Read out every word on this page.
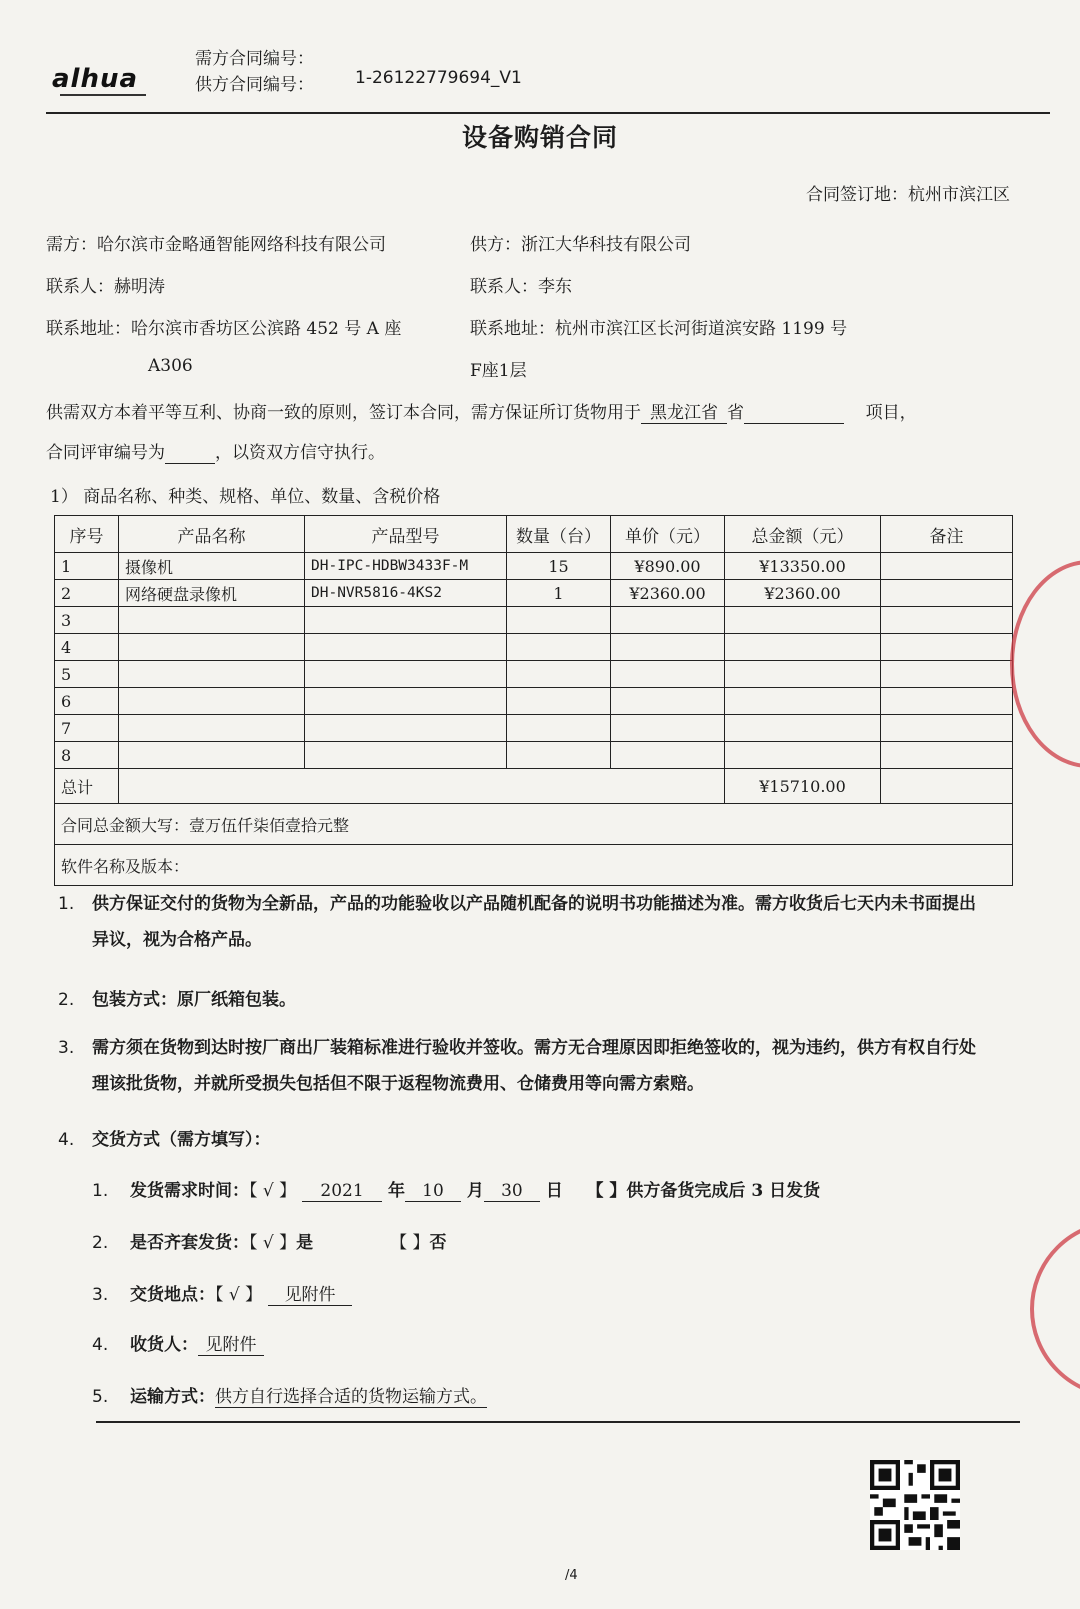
alhua
需方合同编号：
供方合同编号： 1-26122779694_V1
设备购销合同
合同签订地：杭州市滨江区
需方：哈尔滨市金略通智能网络科技有限公司	供方：浙江大华科技有限公司
联系人：赫明涛	联系人：李东
联系地址：哈尔滨市香坊区公滨路 452 号 A 座	联系地址：杭州市滨江区长河街道滨安路 1199 号
A306	F座1层
供需双方本着平等互利、协商一致的原则，签订本合同，需方保证所订货物用于 黑龙江省 省	项目，
合同评审编号为	，以资双方信守执行。
1） 商品名称、种类、规格、单位、数量、含税价格
序号	产品名称	产品型号	数量（台）	单价（元）	总金额（元）	备注
1	摄像机	DH-IPC-HDBW3433F-M	15	¥890.00	¥13350.00	
2	网络硬盘录像机	DH-NVR5816-4KS2	1	¥2360.00	¥2360.00	
3						
4						
5						
6						
7						
8						
总计					¥15710.00	
合同总金额大写：壹万伍仟柒佰壹拾元整						
软件名称及版本：						
1. 供方保证交付的货物为全新品，产品的功能验收以产品随机配备的说明书功能描述为准。需方收货后七天内未书面提出异议，视为合格产品。
2. 包装方式：原厂纸箱包装。
3. 需方须在货物到达时按厂商出厂装箱标准进行验收并签收。需方无合理原因即拒绝签收的，视为违约，供方有权自行处理该批货物，并就所受损失包括但不限于返程物流费用、仓储费用等向需方索赔。
4. 交货方式（需方填写）：
1. 发货需求时间：【 √ 】 2021 年 10 月 30 日 【 】供方备货完成后 3 日发货
2. 是否齐套发货：【 √ 】是	【 】否
3. 交货地点：【 √ 】 见附件
4. 收货人： 见附件
5. 运输方式：供方自行选择合适的货物运输方式。
/4
